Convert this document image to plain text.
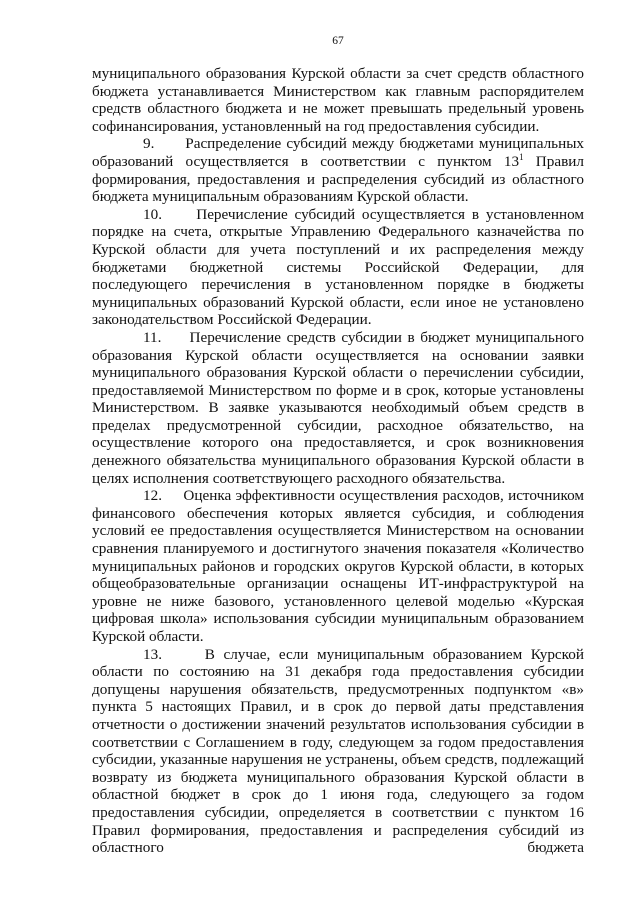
67

муниципального образования Курской области за счет средств областного бюджета устанавливается Министерством как главным распорядителем средств областного бюджета и не может превышать предельный уровень софинансирования, установленный на год предоставления субсидии.

9.      Распределение субсидий между бюджетами муниципальных образований осуществляется в соответствии с пунктом $13^1$ Правил формирования, предоставления и распределения субсидий из областного бюджета муниципальным образованиям Курской области.

10.     Перечисление субсидий осуществляется в установленном порядке на счета, открытые Управлению Федерального казначейства по Курской области для учета поступлений и их распределения между бюджетами бюджетной системы Российской Федерации, для последующего перечисления в установленном порядке в бюджеты муниципальных образований Курской области, если иное не установлено законодательством Российской Федерации.

11.     Перечисление средств субсидии в бюджет муниципального образования Курской области осуществляется на основании заявки муниципального образования Курской области о перечислении субсидии, предоставляемой Министерством по форме и в срок, которые установлены Министерством. В заявке указываются необходимый объем средств в пределах предусмотренной субсидии, расходное обязательство, на осуществление которого она предоставляется, и срок возникновения денежного обязательства муниципального образования Курской области в целях исполнения соответствующего расходного обязательства.

12.     Оценка эффективности осуществления расходов, источником финансового обеспечения которых является субсидия, и соблюдения условий ее предоставления осуществляется Министерством на основании сравнения планируемого и достигнутого значения показателя «Количество муниципальных районов и городских округов Курской области, в которых общеобразовательные организации оснащены ИТ-инфраструктурой на уровне не ниже базового, установленного целевой моделью «Курская цифровая школа» использования субсидии муниципальным образованием Курской области.

13.     В случае, если муниципальным образованием Курской области по состоянию на 31 декабря года предоставления субсидии допущены нарушения обязательств, предусмотренных подпунктом «в» пункта 5 настоящих Правил, и в срок до первой даты представления отчетности о достижении значений результатов использования субсидии в соответствии с Соглашением в году, следующем за годом предоставления субсидии, указанные нарушения не устранены, объем средств, подлежащий возврату из бюджета муниципального образования Курской области в областной бюджет в срок до 1 июня года, следующего за годом предоставления субсидии, определяется в соответствии с пунктом 16 Правил формирования, предоставления и распределения субсидий из областного бюджета
